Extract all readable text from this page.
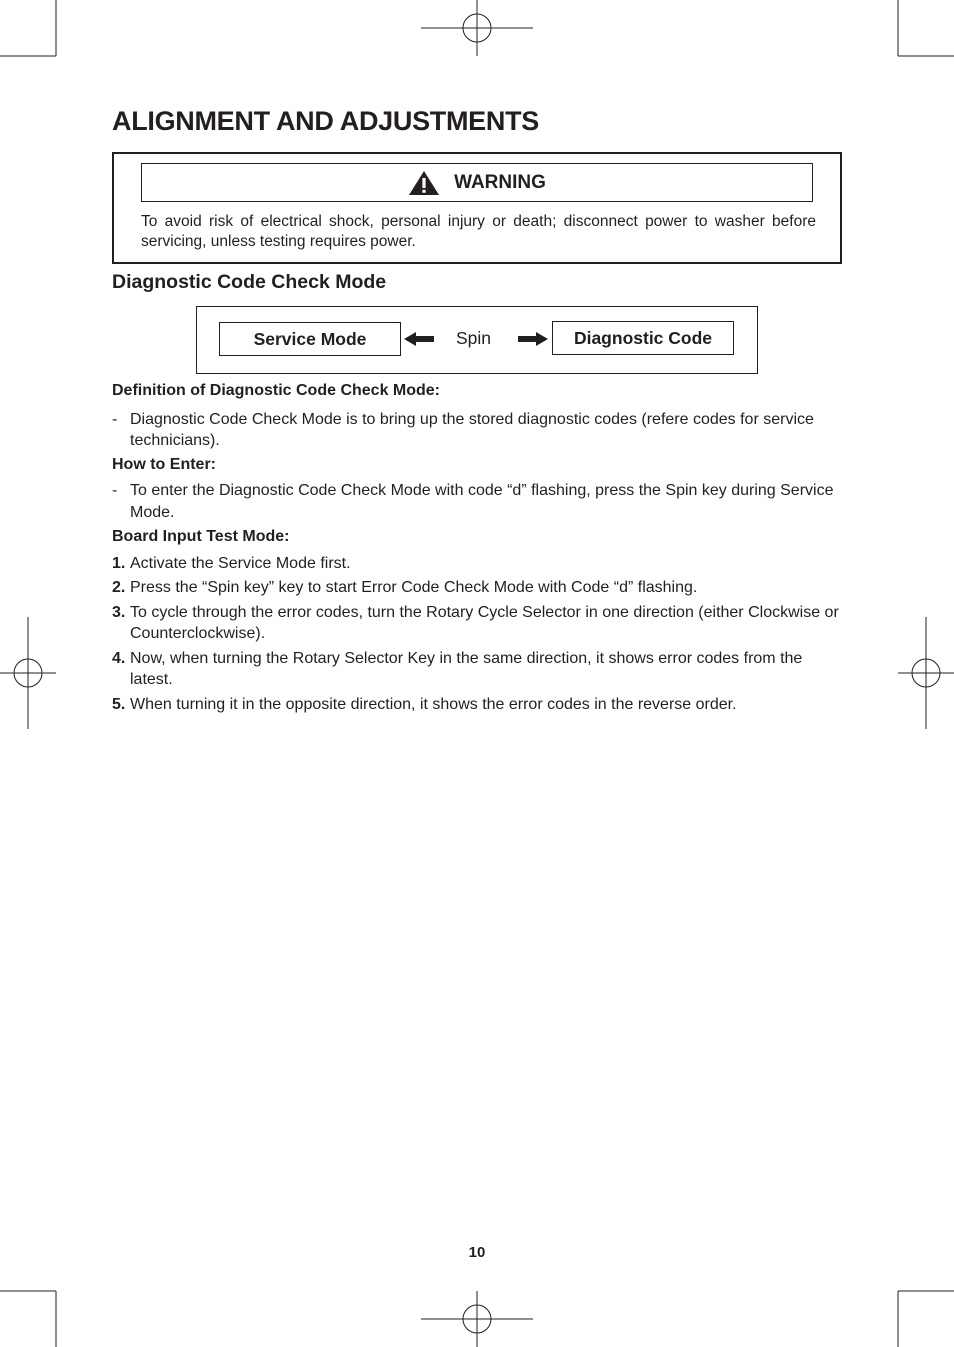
ALIGNMENT AND ADJUSTMENTS
WARNING

To avoid risk of electrical shock, personal injury or death; disconnect power to washer before servicing, unless testing requires power.

Diagnostic Code Check Mode
Service Mode	Spin	Diagnostic Code

Definition of Diagnostic Code Check Mode:

- Diagnostic Code Check Mode is to bring up the stored diagnostic codes (refere codes for service technicians).

How to Enter:

- To enter the Diagnostic Code Check Mode with code “d” flashing, press the Spin key during Service Mode.

Board Input Test Mode:

1. Activate the Service Mode first.

2. Press the “Spin key” key to start Error Code Check Mode with Code “d” flashing.

3. To cycle through the error codes, turn the Rotary Cycle Selector in one direction (either Clockwise or Counterclockwise).

4. Now, when turning the Rotary Selector Key in the same direction, it shows error codes from the latest.

5. When turning it in the opposite direction, it shows the error codes in the reverse order.

10
